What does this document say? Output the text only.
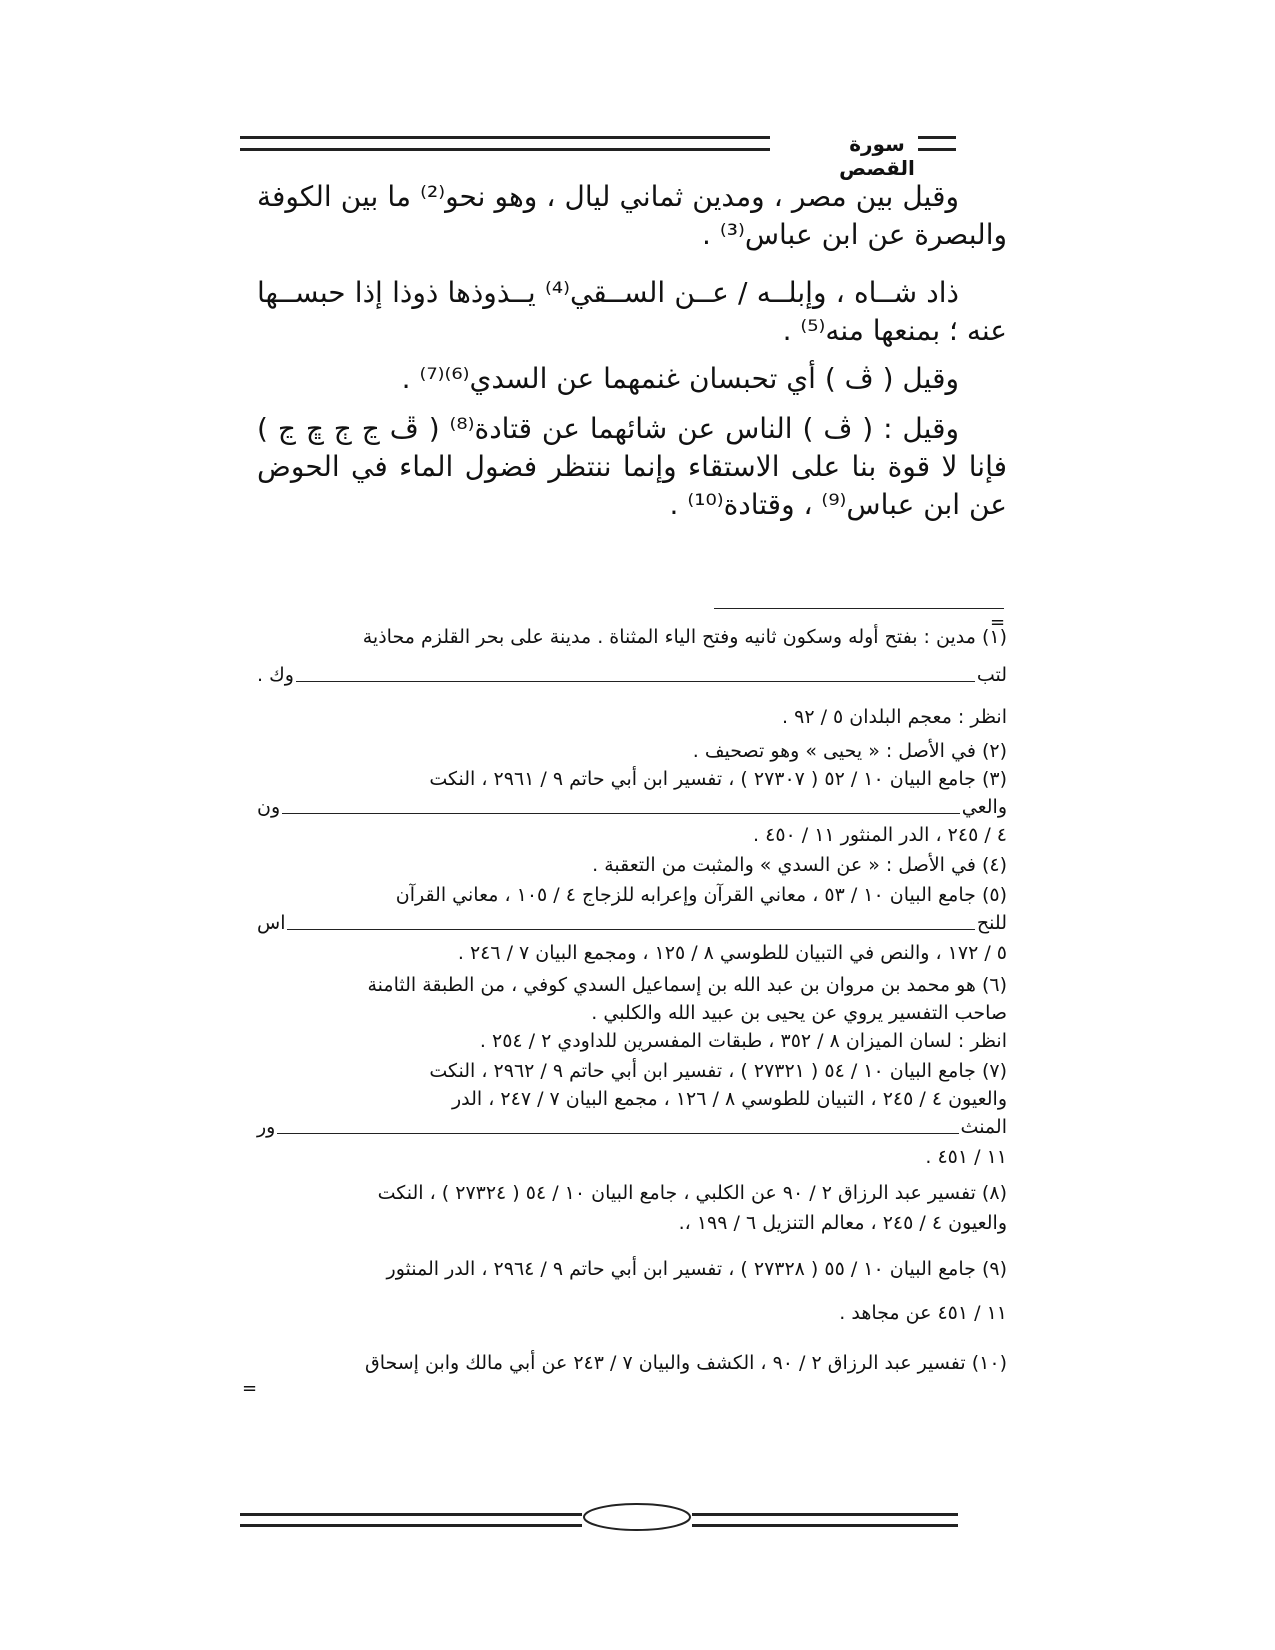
سورة القصص
وقيل بين مصر ، ومدين ثماني ليال ، وهو نحو⁽²⁾ ما بين الكوفة والبصرة عن ابن عباس⁽³⁾ .
ذاد شــاه ، وإبلــه / عــن الســقي⁽⁴⁾ يــذوذها ذوذا إذا حبســها عنه ؛ بمنعها منه⁽⁵⁾ .
وقيل ( ڤ ) أي تحبسان غنمهما عن السدي⁽⁶⁾⁽⁷⁾ .
وقيل : ( ڤ ) الناس عن شائهما عن قتادة⁽⁸⁾ ( ڦ ڃ ڄ ڇ ڃ ) فإنا لا قوة بنا على الاستقاء وإنما ننتظر فضول الماء في الحوض عن ابن عباس⁽⁹⁾ ، وقتادة⁽¹⁰⁾ .
=
(١) مدين : بفتح أوله وسكون ثانيه وفتح الياء المثناة . مدينة على بحر القلزم محاذية
لتب
وك .
انظر : معجم البلدان ٥ / ٩٢ .
(٢) في الأصل : « يحيى » وهو تصحيف .
(٣) جامع البيان ١٠ / ٥٢ ( ٢٧٣٠٧ ) ، تفسير ابن أبي حاتم ٩ / ٢٩٦١ ، النكت
والعي
ون
٤ / ٢٤٥ ، الدر المنثور ١١ / ٤٥٠ .
(٤) في الأصل : « عن السدي » والمثبت من التعقبة .
(٥) جامع البيان ١٠ / ٥٣ ، معاني القرآن وإعرابه للزجاج ٤ / ١٠٥ ، معاني القرآن
للنح
اس
٥ / ١٧٢ ، والنص في التبيان للطوسي ٨ / ١٢٥ ، ومجمع البيان ٧ / ٢٤٦ .
(٦) هو محمد بن مروان بن عبد الله بن إسماعيل السدي كوفي ، من الطبقة الثامنة
صاحب التفسير يروي عن يحيى بن عبيد الله والكلبي .
انظر : لسان الميزان ٨ / ٣٥٢ ، طبقات المفسرين للداودي ٢ / ٢٥٤ .
(٧) جامع البيان ١٠ / ٥٤ ( ٢٧٣٢١ ) ، تفسير ابن أبي حاتم ٩ / ٢٩٦٢ ، النكت
والعيون ٤ / ٢٤٥ ، التبيان للطوسي ٨ / ١٢٦ ، مجمع البيان ٧ / ٢٤٧ ، الدر
المنث
ور
١١ / ٤٥١ .
(٨) تفسير عبد الرزاق ٢ / ٩٠ عن الكلبي ، جامع البيان ١٠ / ٥٤ ( ٢٧٣٢٤ ) ، النكت
والعيون ٤ / ٢٤٥ ، معالم التنزيل ٦ / ١٩٩ ،.
(٩) جامع البيان ١٠ / ٥٥ ( ٢٧٣٢٨ ) ، تفسير ابن أبي حاتم ٩ / ٢٩٦٤ ، الدر المنثور
١١ / ٤٥١ عن مجاهد .
(١٠) تفسير عبد الرزاق ٢ / ٩٠ ، الكشف والبيان ٧ / ٢٤٣ عن أبي مالك وابن إسحاق
=
